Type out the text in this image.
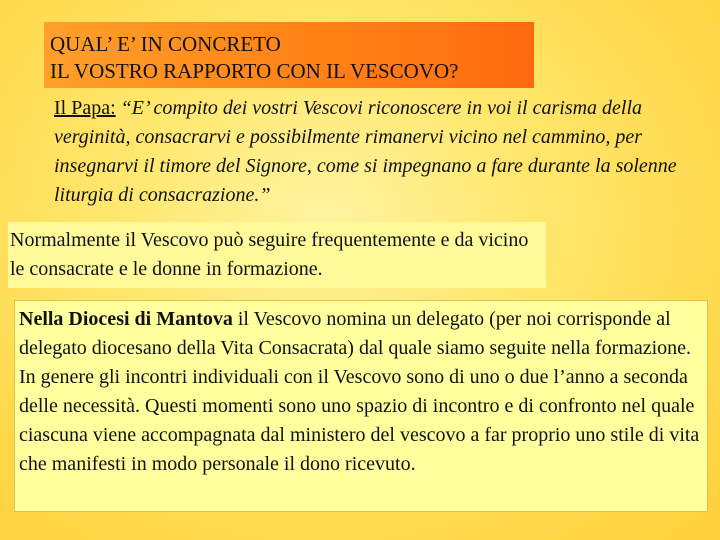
QUAL’ E’ IN CONCRETO
IL VOSTRO RAPPORTO CON IL VESCOVO?
Il Papa: “E’ compito dei vostri Vescovi riconoscere in voi il carisma della verginità, consacrarvi e possibilmente rimanervi vicino nel cammino, per insegnarvi il timore del Signore, come si impegnano a fare durante la solenne liturgia di consacrazione.”
Normalmente il Vescovo può seguire frequentemente e da vicino le consacrate e le donne in formazione.
Nella Diocesi di Mantova il Vescovo nomina un delegato (per noi corrisponde al delegato diocesano della Vita Consacrata) dal quale siamo seguite nella formazione. In genere gli incontri individuali con il Vescovo sono di uno o due l’anno a seconda delle necessità. Questi momenti sono uno spazio di incontro e di confronto nel quale ciascuna viene accompagnata dal ministero del vescovo a far proprio uno stile di vita che manifesti in modo personale il dono ricevuto.
